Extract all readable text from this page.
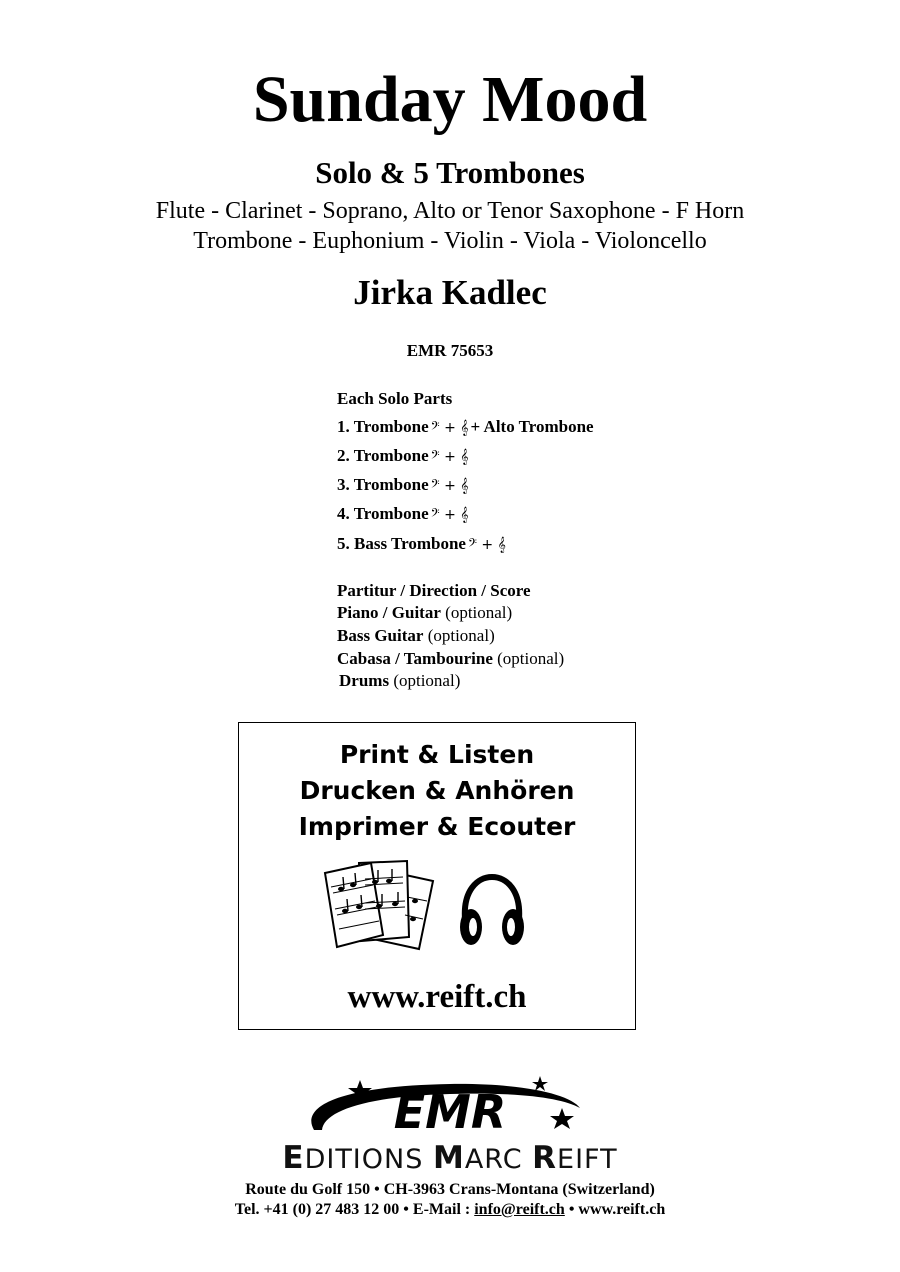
Sunday Mood
Solo & 5 Trombones
Flute - Clarinet - Soprano, Alto or Tenor Saxophone - F Horn
Trombone - Euphonium - Violin - Viola - Violoncello
Jirka Kadlec
EMR 75653
Each Solo Parts
1. Trombone 𝄢 + 𝄞 + Alto Trombone
2. Trombone 𝄢 + 𝄞
3. Trombone 𝄢 + 𝄞
4. Trombone 𝄢 + 𝄞
5. Bass Trombone 𝄢 + 𝄞
Partitur / Direction / Score
Piano / Guitar (optional)
Bass Guitar (optional)
Cabasa / Tambourine (optional)
Drums (optional)
Print & Listen
Drucken & Anhören
Imprimer & Ecouter
www.reift.ch
EMR
EDITIONS MARC REIFT
Route du Golf 150 • CH-3963 Crans-Montana (Switzerland)
Tel. +41 (0) 27 483 12 00 • E-Mail : info@reift.ch • www.reift.ch
